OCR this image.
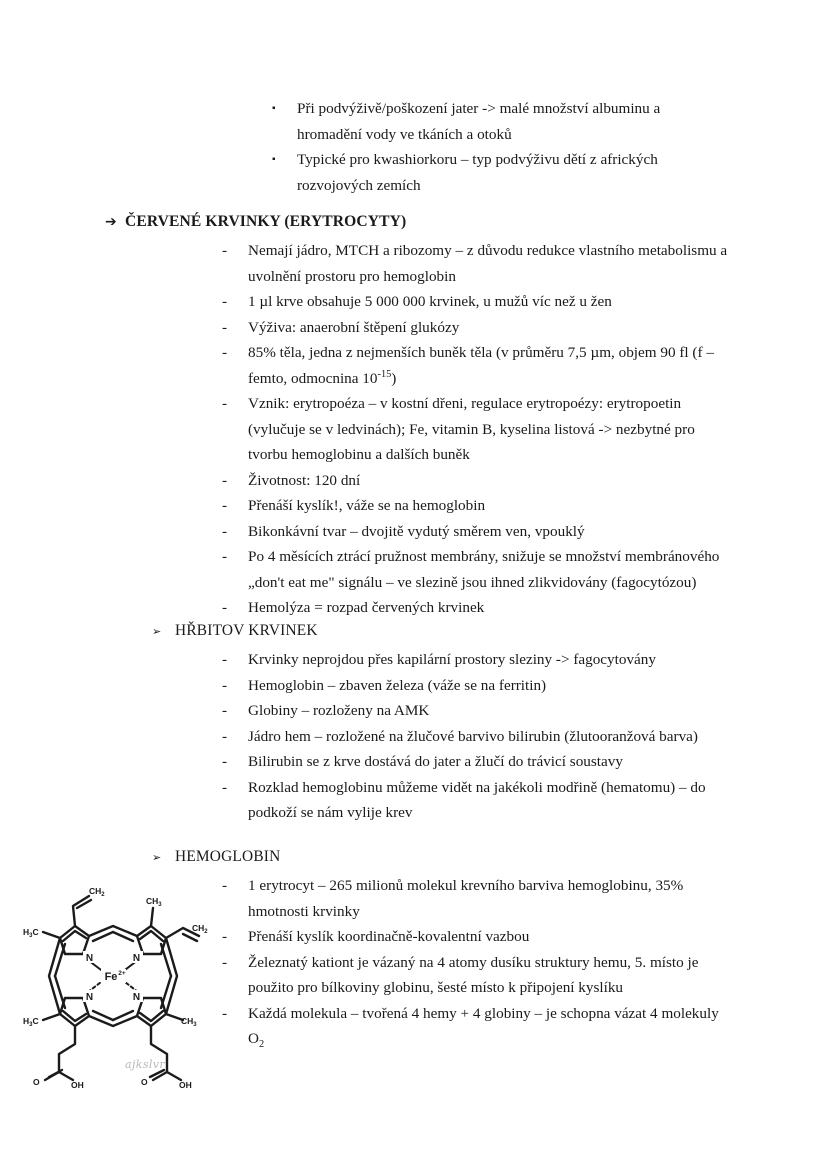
▪	Při podvýživě/poškození jater -> malé množství albuminu a hromadění vody ve tkáních a otoků
▪	Typické pro kwashiorkoru – typ podvýživu dětí z afrických rozvojových zemích
➔ ČERVENÉ KRVINKY (ERYTROCYTY)
-	Nemají jádro, MTCH a ribozomy – z důvodu redukce vlastního metabolismu a uvolnění prostoru pro hemoglobin
-	1 µl krve obsahuje 5 000 000 krvinek, u mužů víc než u žen
-	Výživa: anaerobní štěpení glukózy
-	85% těla, jedna z nejmenších buněk těla (v průměru 7,5 µm, objem 90 fl (f – femto, odmocnina $10^{-15}$)
-	Vznik: erytropoéza – v kostní dřeni, regulace erytropoézy: erytropoetin (vylučuje se v ledvinách); Fe, vitamin B, kyselina listová -> nezbytné pro tvorbu hemoglobinu a dalších buněk
-	Životnost: 120 dní
-	Přenáší kyslík!, váže se na hemoglobin
-	Bikonkávní tvar – dvojitě vydutý směrem ven, vpouklý
-	Po 4 měsících ztrácí pružnost membrány, snižuje se množství membránového „don't eat me" signálu – ve slezině jsou ihned zlikvidovány (fagocytózou)
-	Hemolýza = rozpad červených krvinek
➢ HŘBITOV KRVINEK
-	Krvinky neprojdou přes kapilární prostory sleziny -> fagocytovány
-	Hemoglobin – zbaven železa (váže se na ferritin)
-	Globiny – rozloženy na AMK
-	Jádro hem – rozložené na žlučové barvivo bilirubin (žlutooranžová barva)
-	Bilirubin se z krve dostává do jater a žlučí do trávicí soustavy
-	Rozklad hemoglobinu můžeme vidět na jakékoli modřině (hematomu) – do podkoží se nám vylije krev
➢ HEMOGLOBIN
-	1 erytrocyt – 265 milionů molekul krevního barviva hemoglobinu, 35% hmotnosti krvinky
-	Přenáší kyslík koordinačně-kovalentní vazbou
-	Železnatý kationt je vázaný na 4 atomy dusíku struktury hemu, 5. místo je použito pro bílkoviny globinu, šesté místo k připojení kyslíku
-	Každá molekula – tvořená 4 hemy + 4 globiny – je schopna vázat 4 molekuly $O_2$
N	N
N	N
Fe 2+
$H_3C$
$CH_3$
$H_3C$	$CH_3$
$CH_2$
$CH_2$
O	OH	O	OH
ajkslvr
